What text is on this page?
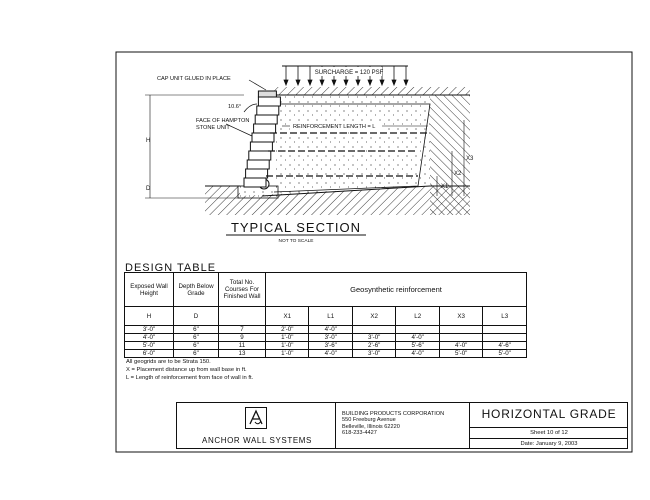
SURCHARGE = 120 PSF
CAP UNIT GLUED IN PLACE
10.6°
FACE OF HAMPTON
STONE UNIT	REINFORCEMENT LENGTH = L
H
D	X1
X2
X3
TYPICAL SECTION
NOT TO SCALE
DESIGN TABLE
Exposed Wall Height	Depth Below Grade	Total No. Courses For Finished Wall	Geosynthetic reinforcement					
H	D		X1	L1	X2	L2	X3	L3
3'-0"	6"	7	2'-0"	4'-0"				
4'-0"	6"	9	1'-0"	3'-0"	3'-0"	4'-0"		
5'-0"	6"	11	1'-0"	3'-6"	2'-6"	5'-6"	4'-0"	4'-6"
6'-0"	6"	13	1'-0"	4'-0"	3'-0"	4'-0"	5'-0"	5'-0"
All geogrids are to be Strata 150.
X = Placement distance up from wall base in ft.
L = Length of reinforcement from face of wall in ft.
ANCHOR WALL SYSTEMS
BUILDING PRODUCTS CORPORATION
550 Freeburg Avenue
Belleville, Illinois 62220
618-233-4427
HORIZONTAL GRADE
Sheet 10 of 12
Date: January 9, 2003
